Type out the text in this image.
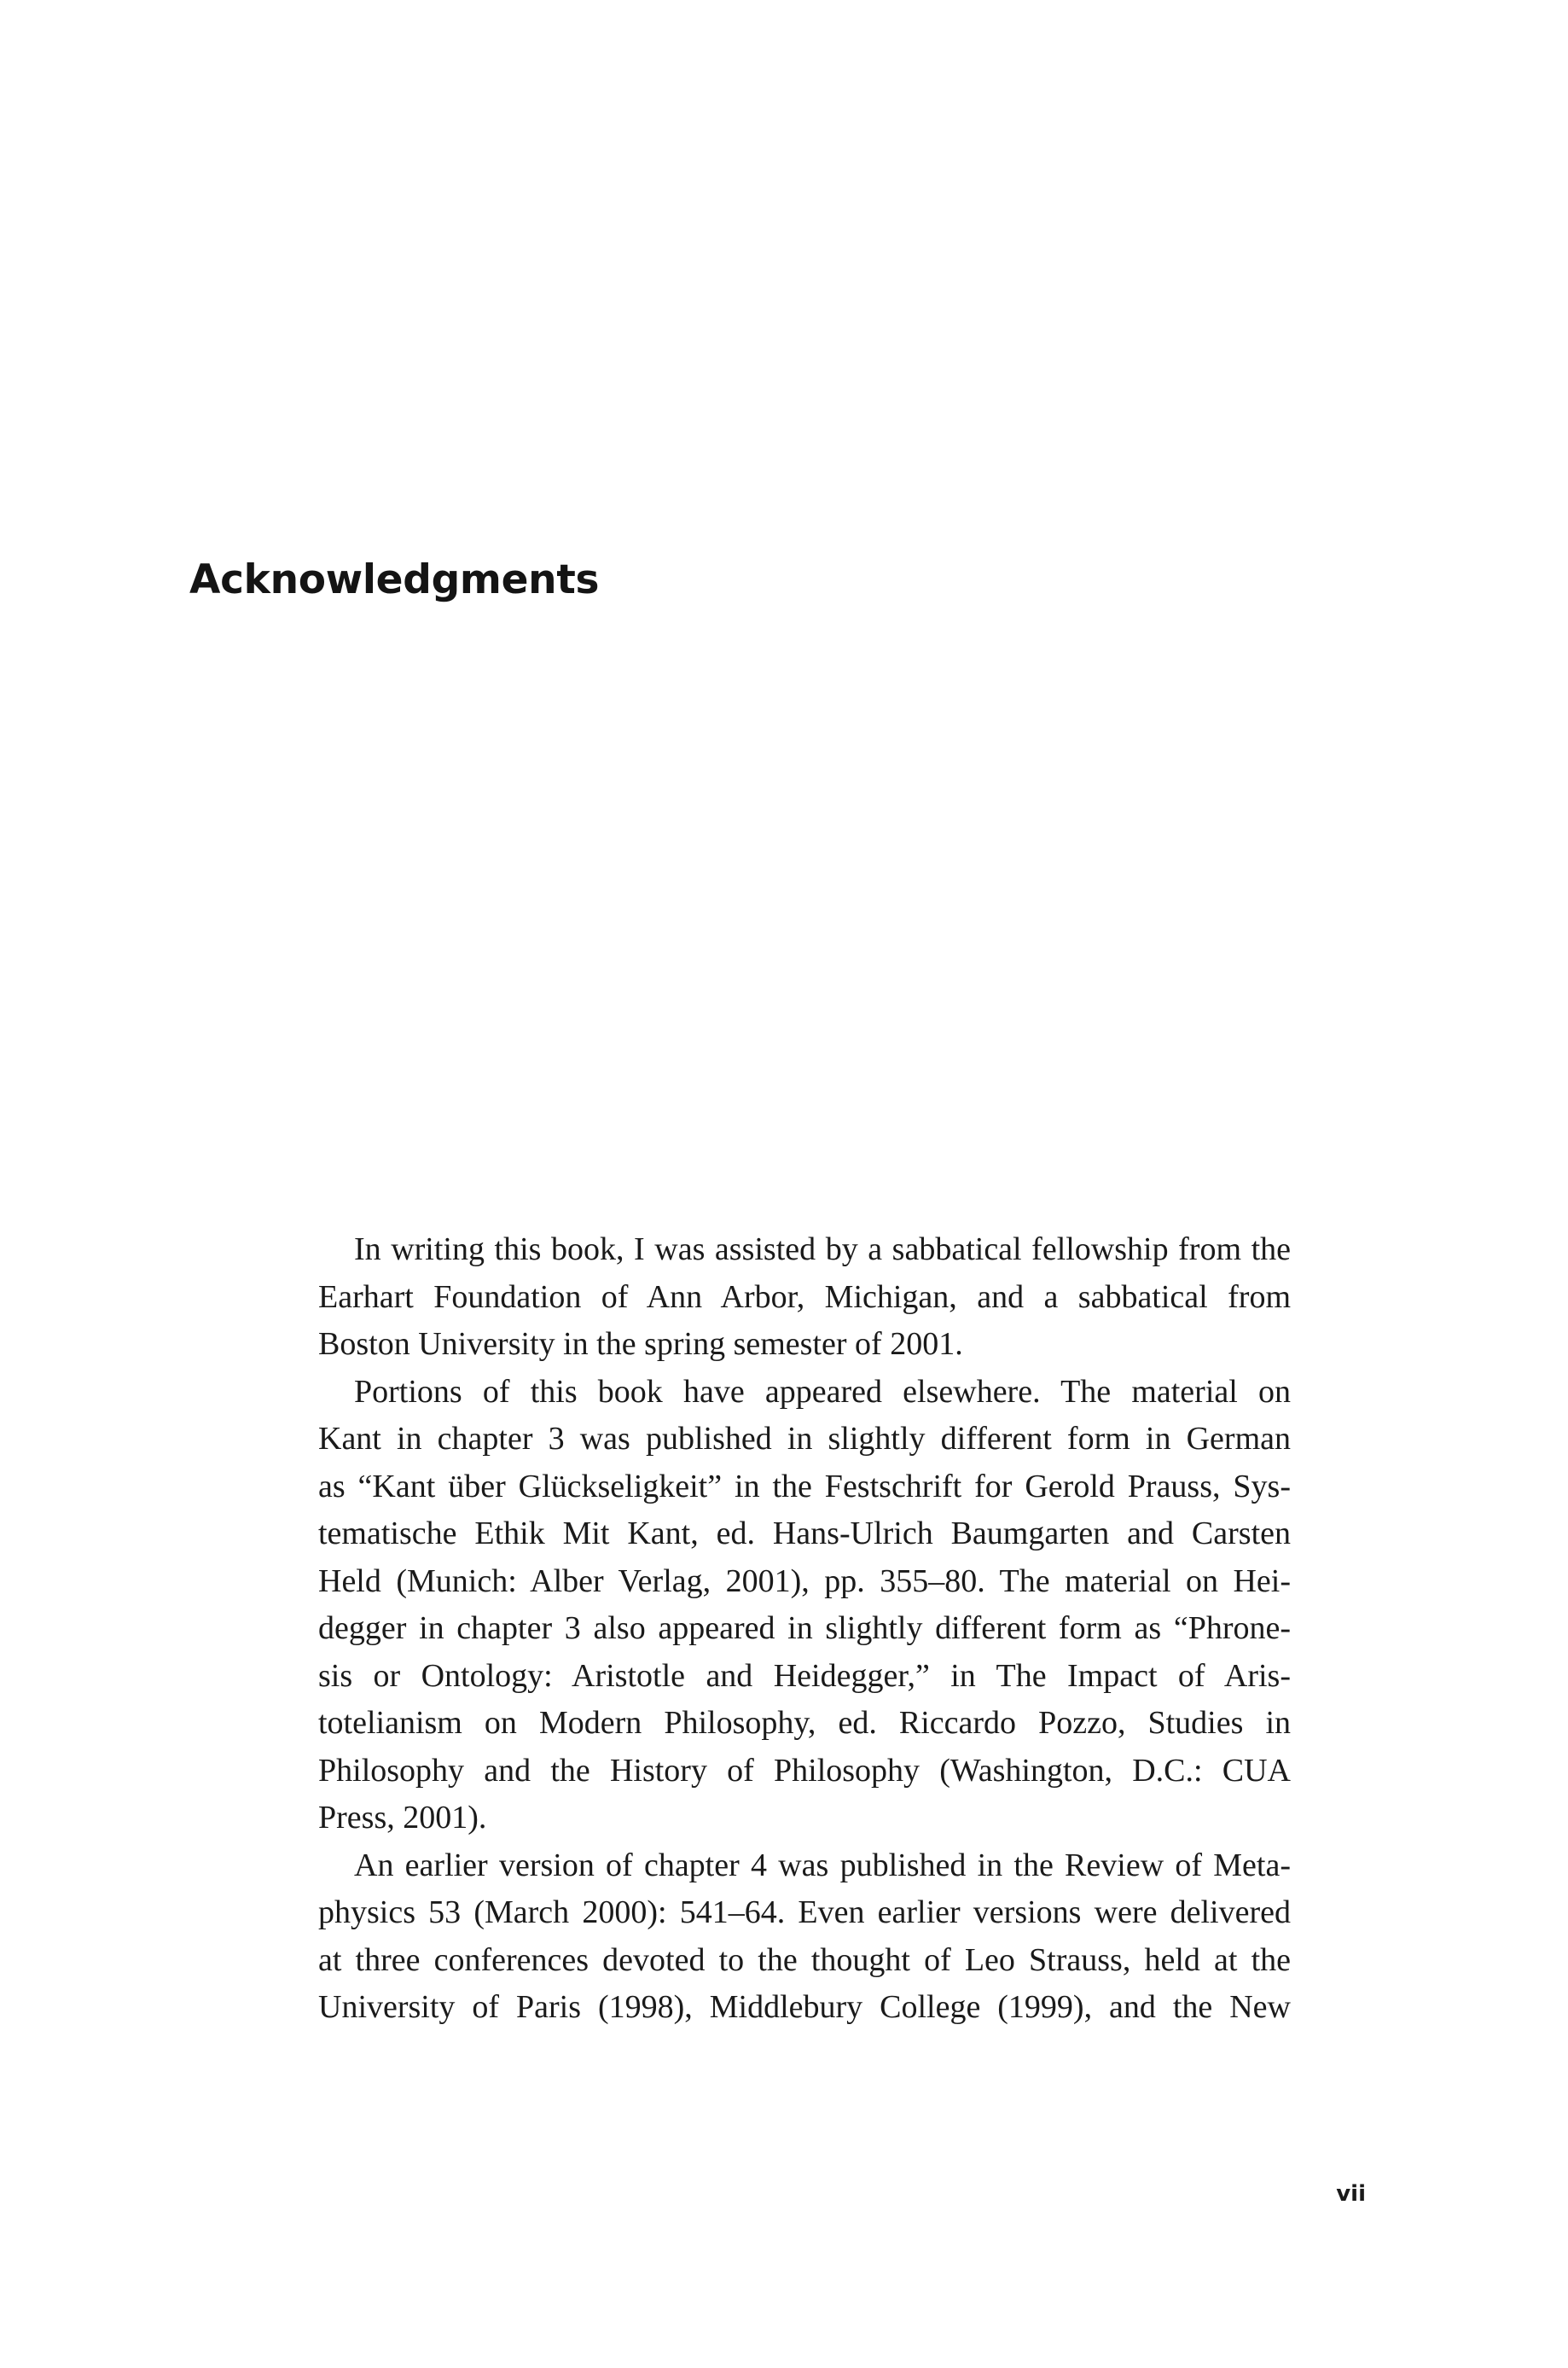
Acknowledgments
In writing this book, I was assisted by a sabbatical fellowship from the
Earhart Foundation of Ann Arbor, Michigan, and a sabbatical from
Boston University in the spring semester of 2001.
Portions of this book have appeared elsewhere. The material on
Kant in chapter 3 was published in slightly different form in German
as “Kant über Glückseligkeit” in the Festschrift for Gerold Prauss, Sys-
tematische Ethik Mit Kant, ed. Hans-Ulrich Baumgarten and Carsten
Held (Munich: Alber Verlag, 2001), pp. 355–80. The material on Hei-
degger in chapter 3 also appeared in slightly different form as “Phrone-
sis or Ontology: Aristotle and Heidegger,” in The Impact of Aris-
totelianism on Modern Philosophy, ed. Riccardo Pozzo, Studies in
Philosophy and the History of Philosophy (Washington, D.C.: CUA
Press, 2001).
An earlier version of chapter 4 was published in the Review of Meta-
physics 53 (March 2000): 541–64. Even earlier versions were delivered
at three conferences devoted to the thought of Leo Strauss, held at the
University of Paris (1998), Middlebury College (1999), and the New
vii
